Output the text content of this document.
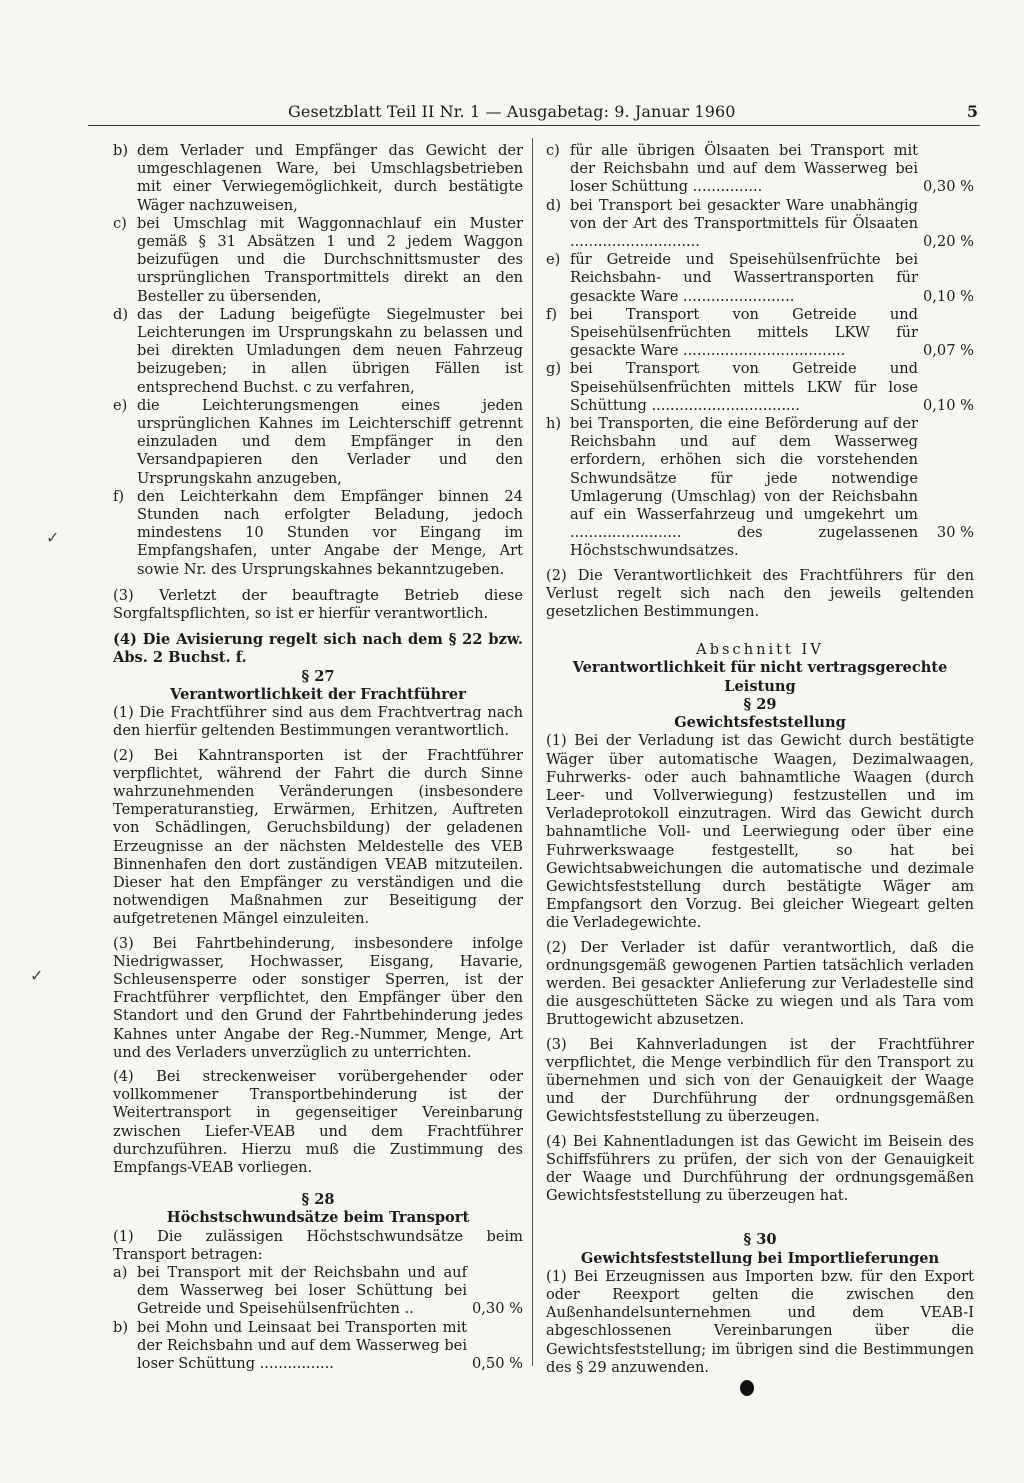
Gesetzblatt Teil II Nr. 1 — Ausgabetag: 9. Januar 1960	5

b) dem Verlader und Empfänger das Gewicht der umgeschlagenen Ware, bei Umschlagsbetrieben mit einer Verwiegemöglichkeit, durch bestätigte Wäger nachzuweisen,

c) bei Umschlag mit Waggonnachlauf ein Muster gemäß § 31 Absätzen 1 und 2 jedem Waggon beizufügen und die Durchschnittsmuster des ursprünglichen Transportmittels direkt an den Besteller zu übersenden,

d) das der Ladung beigefügte Siegelmuster bei Leichterungen im Ursprungskahn zu belassen und bei direkten Umladungen dem neuen Fahrzeug beizugeben; in allen übrigen Fällen ist entsprechend Buchst. c zu verfahren,

e) die Leichterungsmengen eines jeden ursprünglichen Kahnes im Leichterschiff getrennt einzuladen und dem Empfänger in den Versandpapieren den Verlader und den Ursprungskahn anzugeben,

f) den Leichterkahn dem Empfänger binnen 24 Stunden nach erfolgter Beladung, jedoch mindestens 10 Stunden vor Eingang im Empfangshafen, unter Angabe der Menge, Art sowie Nr. des Ursprungskahnes bekanntzugeben.

(3) Verletzt der beauftragte Betrieb diese Sorgfaltspflichten, so ist er hierfür verantwortlich.

(4) Die Avisierung regelt sich nach dem § 22 bzw. Abs. 2 Buchst. f.

§ 27

Verantwortlichkeit der Frachtführer

(1) Die Frachtführer sind aus dem Frachtvertrag nach den hierfür geltenden Bestimmungen verantwortlich.

(2) Bei Kahntransporten ist der Frachtführer verpflichtet, während der Fahrt die durch Sinne wahrzunehmenden Veränderungen (insbesondere Temperaturanstieg, Erwärmen, Erhitzen, Auftreten von Schädlingen, Geruchsbildung) der geladenen Erzeugnisse an der nächsten Meldestelle des VEB Binnenhafen den dort zuständigen VEAB mitzuteilen. Dieser hat den Empfänger zu verständigen und die notwendigen Maßnahmen zur Beseitigung der aufgetretenen Mängel einzuleiten.

(3) Bei Fahrtbehinderung, insbesondere infolge Niedrigwasser, Hochwasser, Eisgang, Havarie, Schleusensperre oder sonstiger Sperren, ist der Frachtführer verpflichtet, den Empfänger über den Standort und den Grund der Fahrtbehinderung jedes Kahnes unter Angabe der Reg.-Nummer, Menge, Art und des Verladers unverzüglich zu unterrichten.

(4) Bei streckenweiser vorübergehender oder vollkommener Transportbehinderung ist der Weitertransport in gegenseitiger Vereinbarung zwischen Liefer-VEAB und dem Frachtführer durchzuführen. Hierzu muß die Zustimmung des Empfangs-VEAB vorliegen.

§ 28

Höchstschwundsätze beim Transport

(1) Die zulässigen Höchstschwundsätze beim Transport betragen:

a) bei Transport mit der Reichsbahn und auf dem Wasserweg bei loser Schüttung bei Getreide und Speisehülsenfrüchten ..	0,30 %

b) bei Mohn und Leinsaat bei Transporten mit der Reichsbahn und auf dem Wasserweg bei loser Schüttung ................	0,50 %

c) für alle übrigen Ölsaaten bei Transport mit der Reichsbahn und auf dem Wasserweg bei loser Schüttung ...............	0,30 %

d) bei Transport bei gesackter Ware unabhängig von der Art des Transportmittels für Ölsaaten ............................	0,20 %

e) für Getreide und Speisehülsenfrüchte bei Reichsbahn- und Wassertransporten für gesackte Ware ........................	0,10 %

f) bei Transport von Getreide und Speisehülsenfrüchten mittels LKW für gesackte Ware ...................................	0,07 %

g) bei Transport von Getreide und Speisehülsenfrüchten mittels LKW für lose Schüttung ................................	0,10 %

h) bei Transporten, die eine Beförderung auf der Reichsbahn und auf dem Wasserweg erfordern, erhöhen sich die vorstehenden Schwundsätze für jede notwendige Umlagerung (Umschlag) von der Reichsbahn auf ein Wasserfahrzeug und umgekehrt um ........................ des zugelassenen Höchstschwundsatzes.
30 %

(2) Die Verantwortlichkeit des Frachtführers für den Verlust regelt sich nach den jeweils geltenden gesetzlichen Bestimmungen.

Abschnitt IV

Verantwortlichkeit für nicht vertragsgerechte Leistung

§ 29

Gewichtsfeststellung

(1) Bei der Verladung ist das Gewicht durch bestätigte Wäger über automatische Waagen, Dezimalwaagen, Fuhrwerks- oder auch bahnamtliche Waagen (durch Leer- und Vollverwiegung) festzustellen und im Verladeprotokoll einzutragen. Wird das Gewicht durch bahnamtliche Voll- und Leerwiegung oder über eine Fuhrwerkswaage festgestellt, so hat bei Gewichtsabweichungen die automatische und dezimale Gewichtsfeststellung durch bestätigte Wäger am Empfangsort den Vorzug. Bei gleicher Wiegeart gelten die Verladegewichte.

(2) Der Verlader ist dafür verantwortlich, daß die ordnungsgemäß gewogenen Partien tatsächlich verladen werden. Bei gesackter Anlieferung zur Verladestelle sind die ausgeschütteten Säcke zu wiegen und als Tara vom Bruttogewicht abzusetzen.

(3) Bei Kahnverladungen ist der Frachtführer verpflichtet, die Menge verbindlich für den Transport zu übernehmen und sich von der Genauigkeit der Waage und der Durchführung der ordnungsgemäßen Gewichtsfeststellung zu überzeugen.

(4) Bei Kahnentladungen ist das Gewicht im Beisein des Schiffsführers zu prüfen, der sich von der Genauigkeit der Waage und Durchführung der ordnungsgemäßen Gewichtsfeststellung zu überzeugen hat.

§ 30

Gewichtsfeststellung bei Importlieferungen

(1) Bei Erzeugnissen aus Importen bzw. für den Export oder Reexport gelten die zwischen den Außenhandelsunternehmen und dem VEAB-I abgeschlossenen Vereinbarungen über die Gewichtsfeststellung; im übrigen sind die Bestimmungen des § 29 anzuwenden.

✓
✓
